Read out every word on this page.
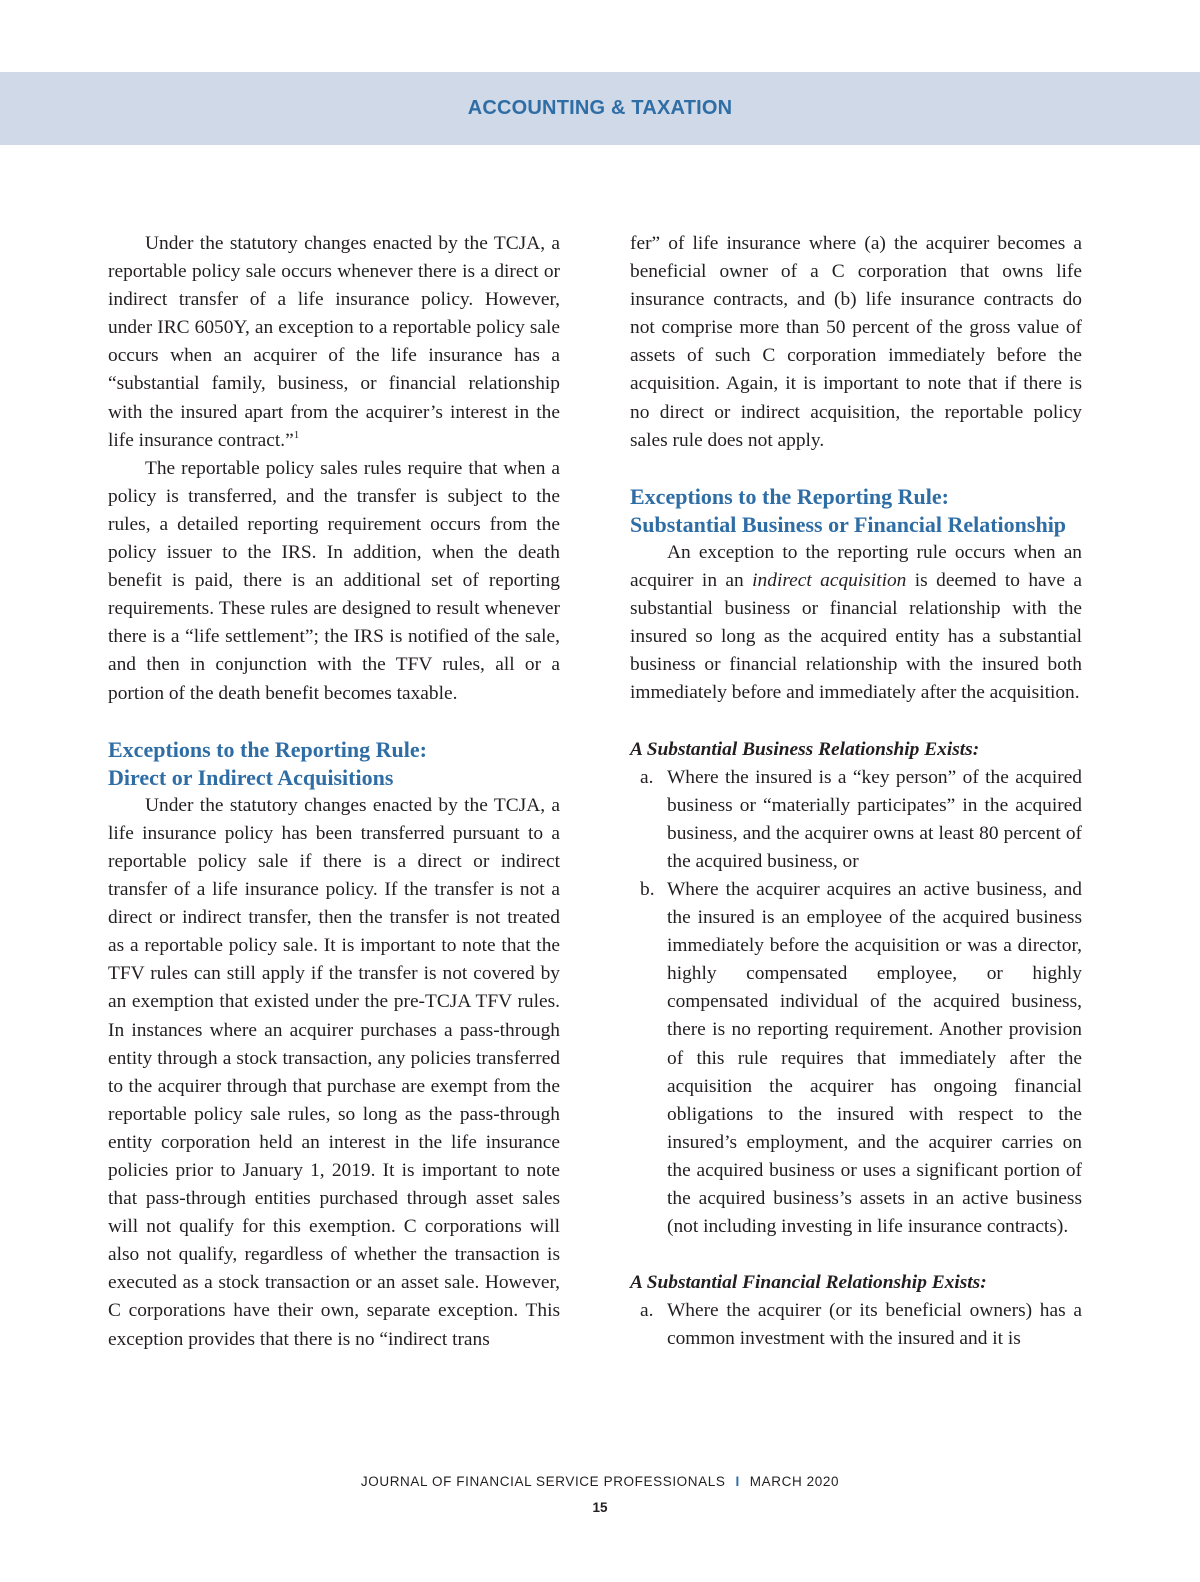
ACCOUNTING & TAXATION

Under the statutory changes enacted by the TCJA, a reportable policy sale occurs whenever there is a direct or indirect transfer of a life insurance policy. However, under IRC 6050Y, an exception to a reportable policy sale occurs when an acquirer of the life insurance has a “substantial family, business, or financial relationship with the insured apart from the acquirer’s interest in the life insurance contract.”$^1$

The reportable policy sales rules require that when a policy is transferred, and the transfer is subject to the rules, a detailed reporting requirement occurs from the policy issuer to the IRS. In addition, when the death benefit is paid, there is an additional set of reporting requirements. These rules are designed to result whenever there is a “life settlement”; the IRS is notified of the sale, and then in conjunction with the TFV rules, all or a portion of the death benefit becomes taxable.

Exceptions to the Reporting Rule:
Direct or Indirect Acquisitions

Under the statutory changes enacted by the TCJA, a life insurance policy has been transferred pursuant to a reportable policy sale if there is a direct or indirect transfer of a life insurance policy. If the transfer is not a direct or indirect transfer, then the transfer is not treated as a reportable policy sale. It is important to note that the TFV rules can still apply if the transfer is not covered by an exemption that existed under the pre-TCJA TFV rules. In instances where an acquirer purchases a pass-through entity through a stock transaction, any policies transferred to the acquirer through that purchase are exempt from the reportable policy sale rules, so long as the pass-through entity corporation held an interest in the life insurance policies prior to January 1, 2019. It is important to note that pass-through entities purchased through asset sales will not qualify for this exemption. C corporations will also not qualify, regardless of whether the transaction is executed as a stock transaction or an asset sale. However, C corporations have their own, separate exception. This exception provides that there is no “indirect trans

fer” of life insurance where (a) the acquirer becomes a beneficial owner of a C corporation that owns life insurance contracts, and (b) life insurance contracts do not comprise more than 50 percent of the gross value of assets of such C corporation immediately before the acquisition. Again, it is important to note that if there is no direct or indirect acquisition, the reportable policy sales rule does not apply.

Exceptions to the Reporting Rule:
Substantial Business or Financial Relationship

An exception to the reporting rule occurs when an acquirer in an indirect acquisition is deemed to have a substantial business or financial relationship with the insured so long as the acquired entity has a substantial business or financial relationship with the insured both immediately before and immediately after the acquisition.

A Substantial Business Relationship Exists:
a. Where the insured is a “key person” of the acquired business or “materially participates” in the acquired business, and the acquirer owns at least 80 percent of the acquired business, or
b. Where the acquirer acquires an active business, and the insured is an employee of the acquired business immediately before the acquisition or was a director, highly compensated employee, or highly compensated individual of the acquired business, there is no reporting requirement. Another provision of this rule requires that immediately after the acquisition the acquirer has ongoing financial obligations to the insured with respect to the insured’s employment, and the acquirer carries on the acquired business or uses a significant portion of the acquired business’s assets in an active business (not including investing in life insurance contracts).
A Substantial Financial Relationship Exists:
a. Where the acquirer (or its beneficial owners) has a common investment with the insured and it is
JOURNAL OF FINANCIAL SERVICE PROFESSIONALS I MARCH 2020
15
